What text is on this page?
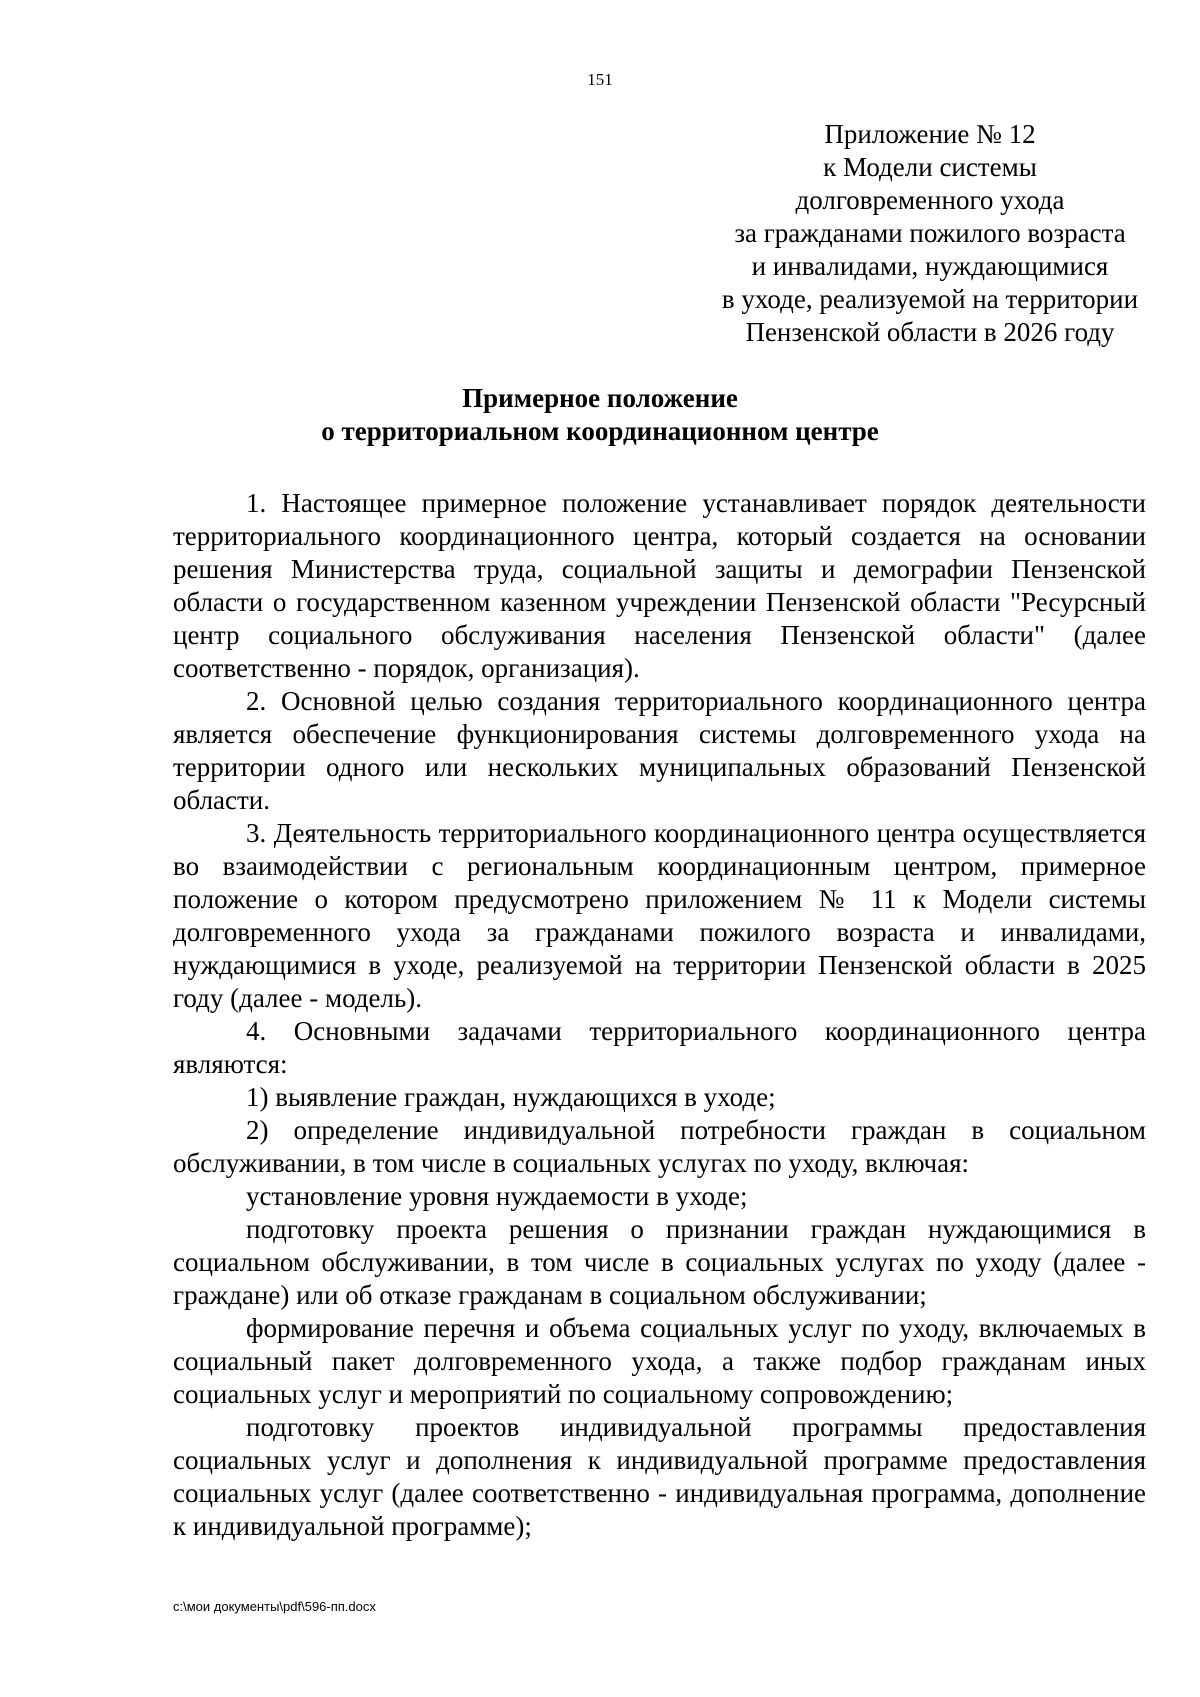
151
Приложение № 12
к Модели системы
долговременного ухода
за гражданами пожилого возраста
и инвалидами, нуждающимися
в уходе, реализуемой на территории
Пензенской области в 2026 году
Примерное положение
о территориальном координационном центре

1. Настоящее примерное положение устанавливает порядок деятельности территориального координационного центра, который создается на основании решения Министерства труда, социальной защиты и демографии Пензенской области о государственном казенном учреждении Пензенской области "Ресурсный центр социального обслуживания населения Пензенской области" (далее соответственно - порядок, организация).

2. Основной целью создания территориального координационного центра является обеспечение функционирования системы долговременного ухода на территории одного или нескольких муниципальных образований Пензенской области.

3. Деятельность территориального координационного центра осуществляется во взаимодействии с региональным координационным центром, примерное положение о котором предусмотрено приложением № 11 к Модели системы долговременного ухода за гражданами пожилого возраста и инвалидами, нуждающимися в уходе, реализуемой на территории Пензенской области в 2025 году (далее - модель).

4. Основными задачами территориального координационного центра являются:

1) выявление граждан, нуждающихся в уходе;

2) определение индивидуальной потребности граждан в социальном обслуживании, в том числе в социальных услугах по уходу, включая:

установление уровня нуждаемости в уходе;

подготовку проекта решения о признании граждан нуждающимися в социальном обслуживании, в том числе в социальных услугах по уходу (далее - граждане) или об отказе гражданам в социальном обслуживании;

формирование перечня и объема социальных услуг по уходу, включаемых в социальный пакет долговременного ухода, а также подбор гражданам иных социальных услуг и мероприятий по социальному сопровождению;

подготовку проектов индивидуальной программы предоставления социальных услуг и дополнения к индивидуальной программе предоставления социальных услуг (далее соответственно - индивидуальная программа, дополнение к индивидуальной программе);

c:\мои документы\pdf\596-пп.docx
